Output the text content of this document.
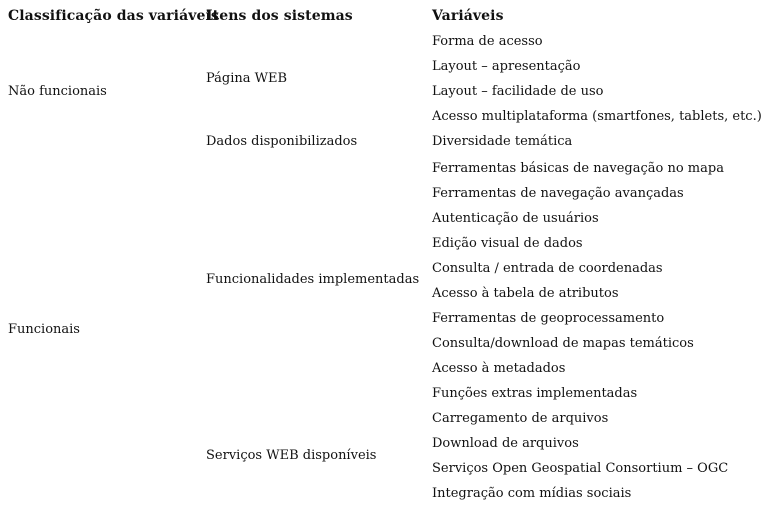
Classificação das variáveis
Itens dos sistemas	Variáveis
Não funcionais
Funcionais
Página WEB
Dados disponibilizados
Funcionalidades implementadas
Serviços WEB disponíveis
Forma de acesso
Layout – apresentação
Layout – facilidade de uso
Acesso multiplataforma (smartfones, tablets, etc.)
Diversidade temática
Ferramentas básicas de navegação no mapa
Ferramentas de navegação avançadas
Autenticação de usuários
Edição visual de dados
Consulta / entrada de coordenadas
Acesso à tabela de atributos
Ferramentas de geoprocessamento
Consulta/download de mapas temáticos
Acesso à metadados
Funções extras implementadas
Carregamento de arquivos
Download de arquivos
Serviços Open Geospatial Consortium – OGC
Integração com mídias sociais
